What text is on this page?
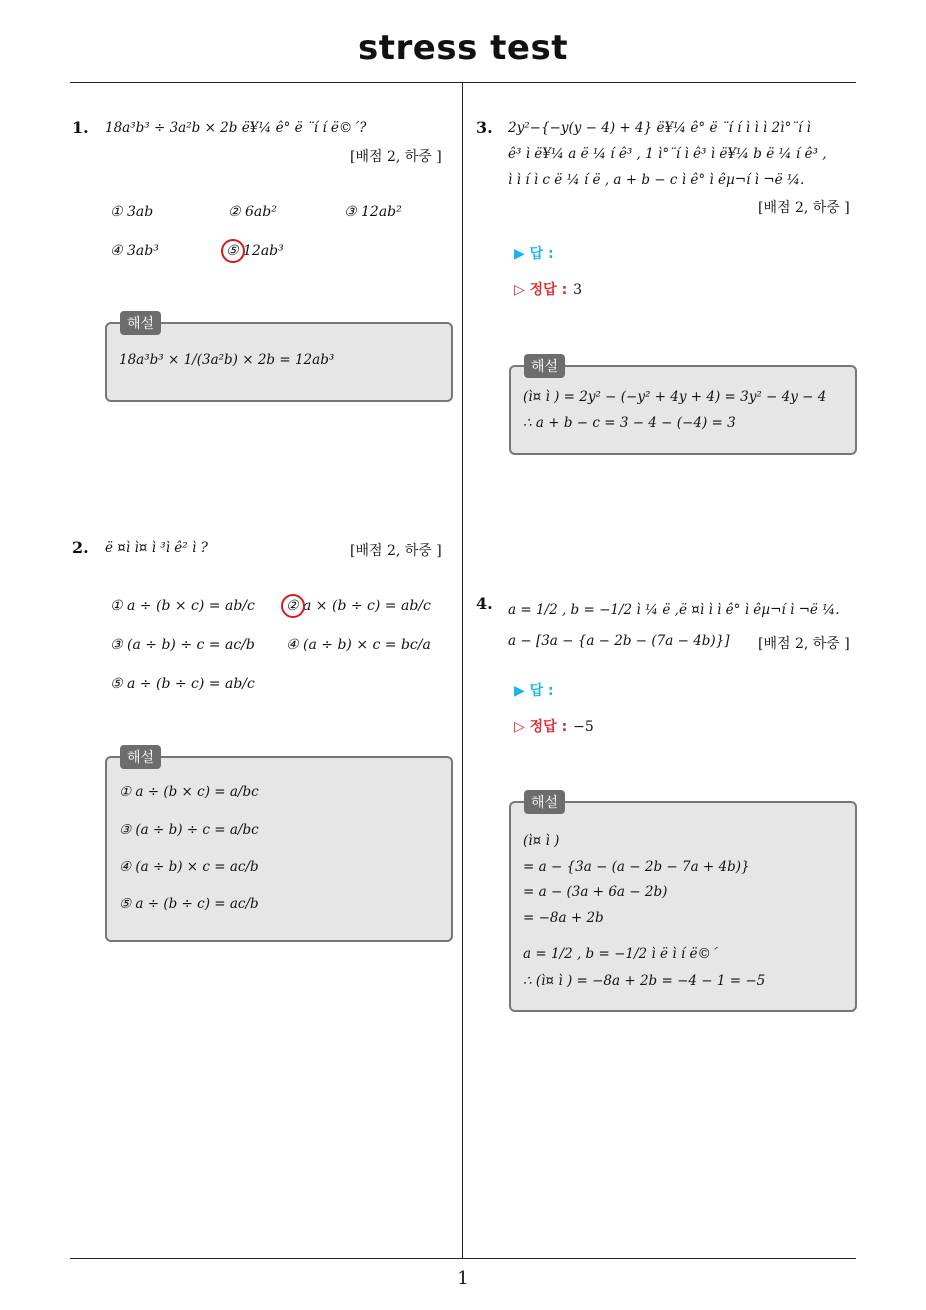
stress test
1. 18a³b³ ÷ 3a²b × 2b ë¥¼ ê° ë ¨í í ë©´?
[배점 2, 하중 ]
① 3ab	② 6ab²	③ 12ab²
④ 3ab³	⑤ 12ab³
18a³b³ × 1/(3a²b) × 2b = 12ab³
해설
2. ë ¤ì ì¤ ì ³ì ê² ì ?	[배점 2, 하중 ]
① a ÷ (b × c) = ab/c ② a × (b ÷ c) = ab/c
③ (a ÷ b) ÷ c = ac/b ④ (a ÷ b) × c = bc/a
⑤ a ÷ (b ÷ c) = ab/c
① a ÷ (b × c) = a/bc
③ (a ÷ b) ÷ c = a/bc
④ (a ÷ b) × c = ac/b
⑤ a ÷ (b ÷ c) = ac/b
해설
3. 2y²−{−y(y − 4) + 4} ë¥¼ ê° ë ¨í í ì ì ì 2ì°¨í ì
ê³ ì ë¥¼ a ë ¼ í ê³ , 1 ì°¨í ì ê³ ì ë¥¼ b ë ¼ í ê³ ,
ì ì í ì c ë ¼ í ë , a + b − c ì ê° ì êµ¬í ì ¬ë ¼.
[배점 2, 하중 ]
▶ 답 :
▷ 정답 : 3
(ì¤ ì ) = 2y² − (−y² + 4y + 4) = 3y² − 4y − 4
∴ a + b − c = 3 − 4 − (−4) = 3
해설
4. a = 1/2 , b = −1/2 ì ¼ ë ,ë ¤ì ì ì ê° ì êµ¬í ì ¬ë ¼.
a − [3a − {a − 2b − (7a − 4b)}] [배점 2, 하중 ]
▶ 답 :
▷ 정답 : −5
(ì¤ ì )
= a − {3a − (a − 2b − 7a + 4b)}
= a − (3a + 6a − 2b)
= −8a + 2b
a = 1/2 , b = −1/2 ì ë ì í ë©´
∴ (ì¤ ì ) = −8a + 2b = −4 − 1 = −5
해설
1
